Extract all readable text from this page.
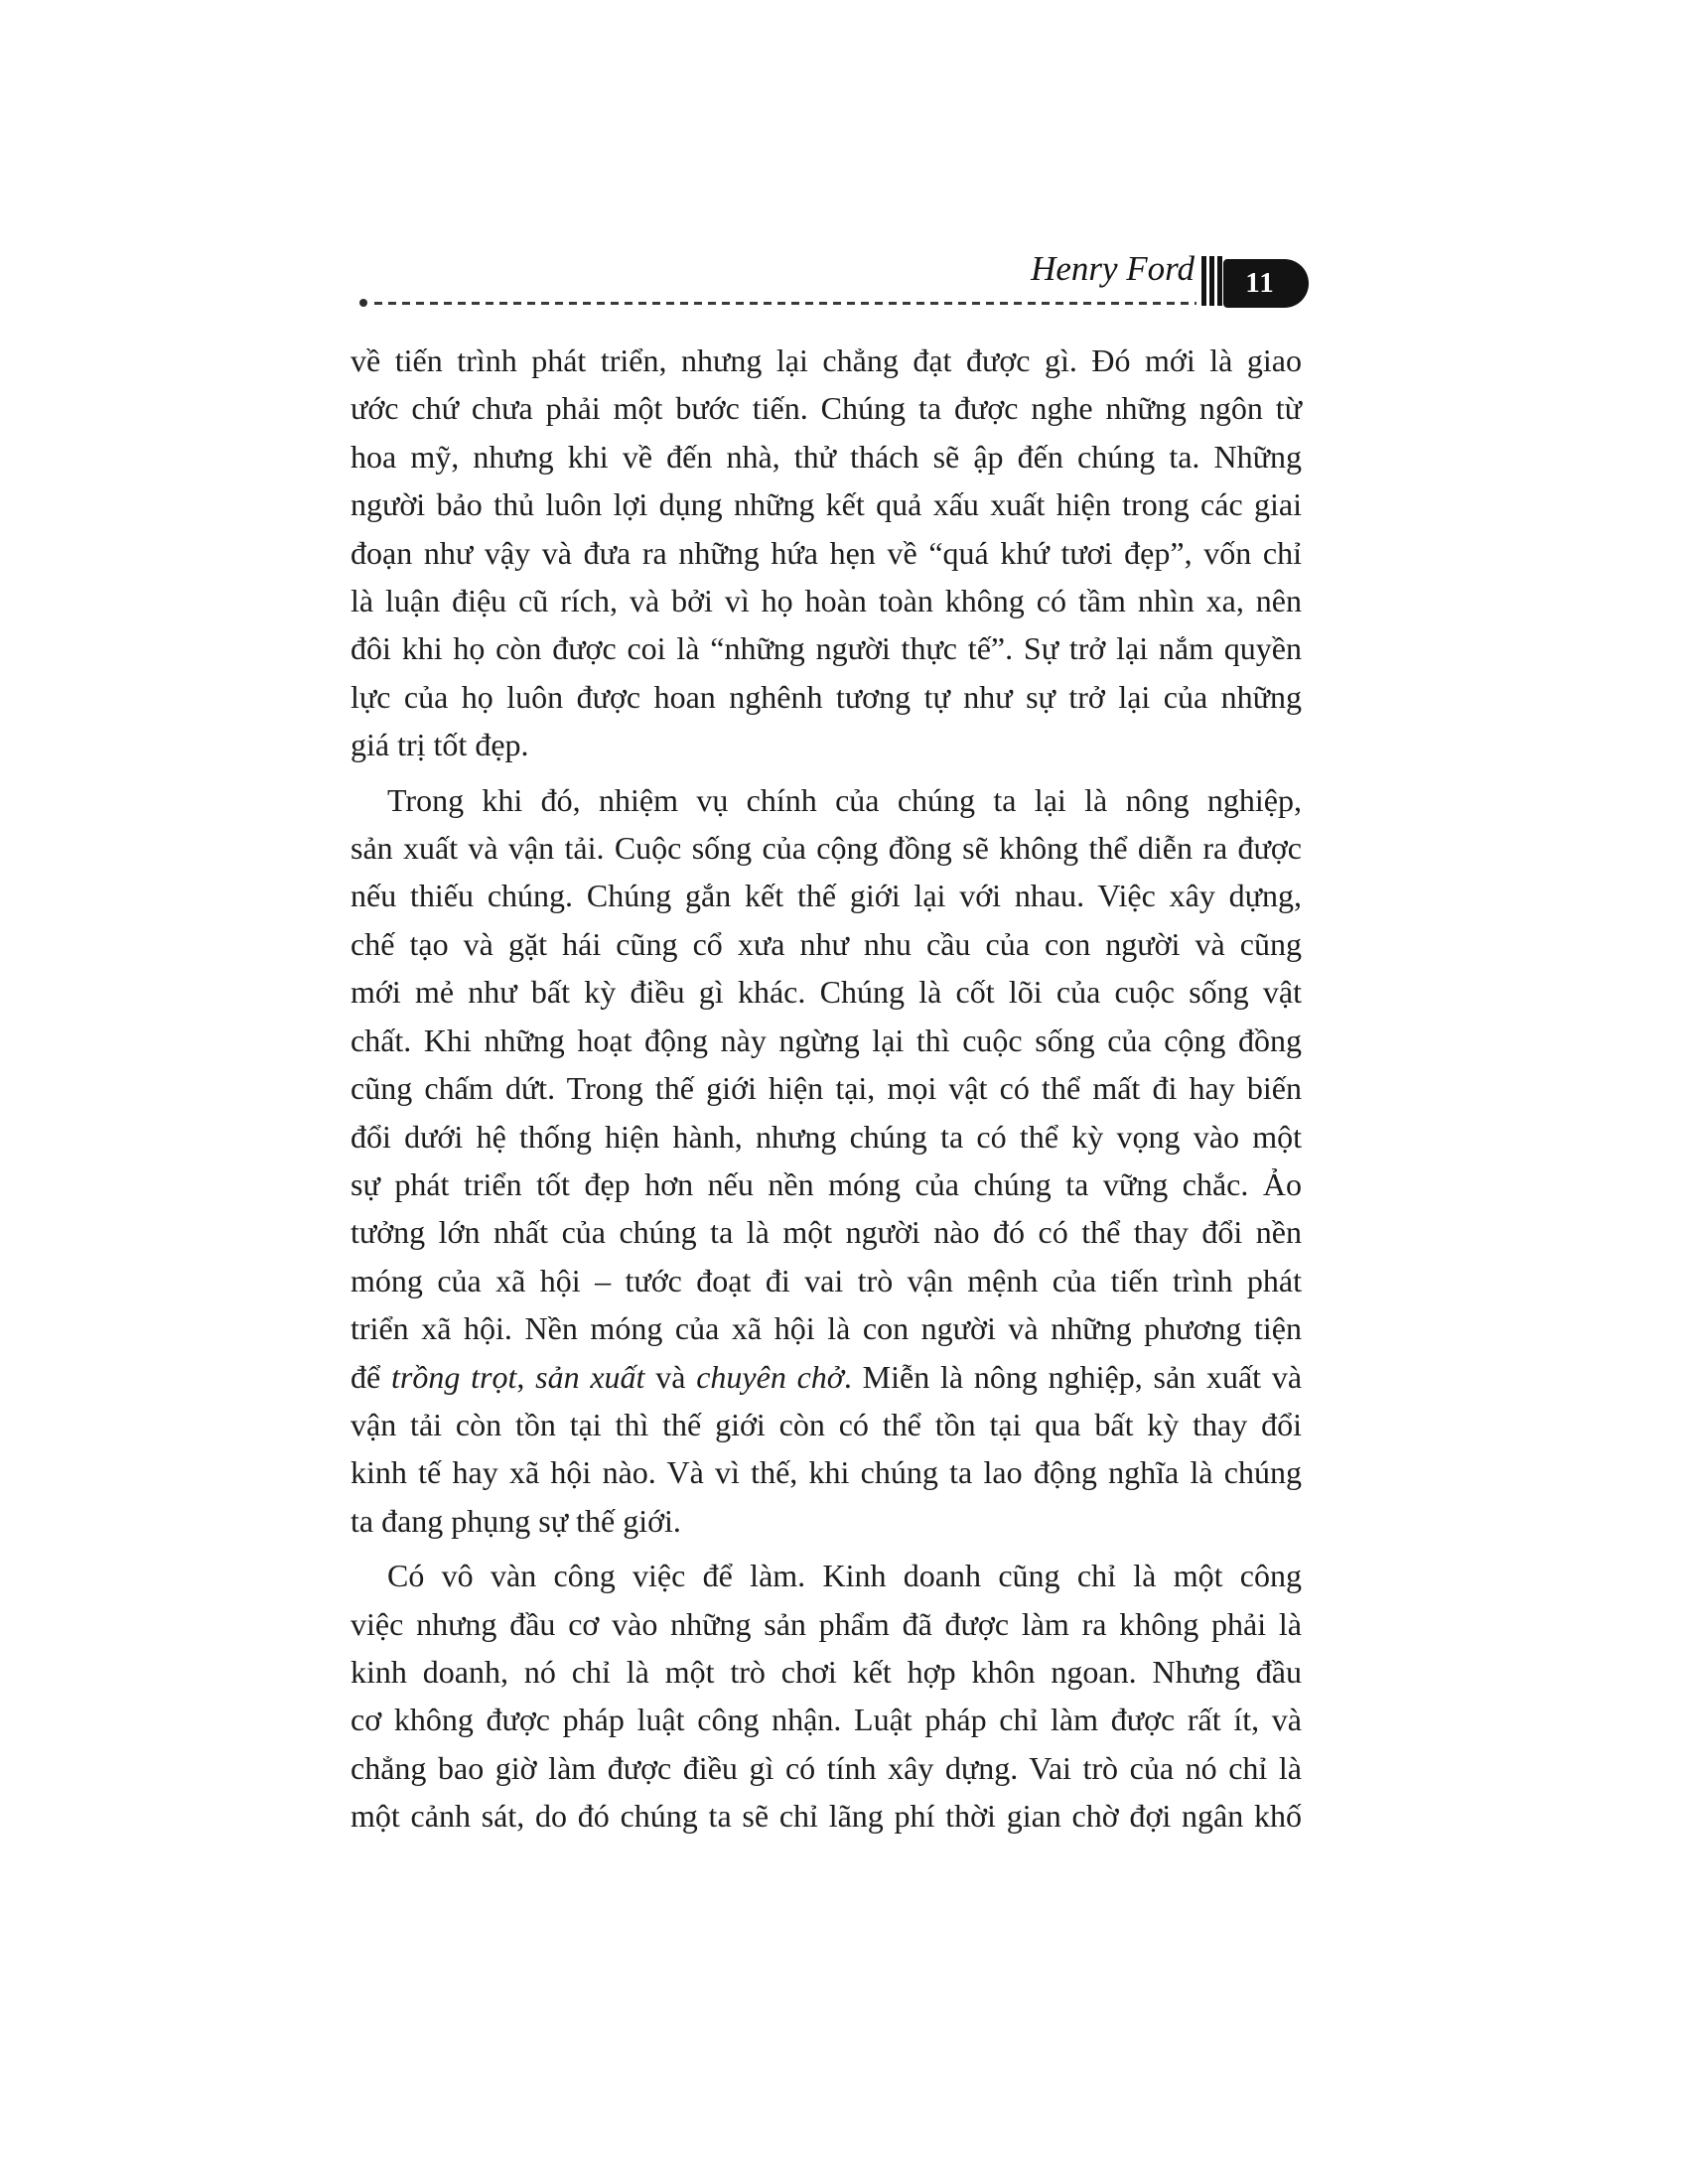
Henry Ford 11
về tiến trình phát triển, nhưng lại chẳng đạt được gì. Đó mới là giao
ước chứ chưa phải một bước tiến. Chúng ta được nghe những ngôn từ
hoa mỹ, nhưng khi về đến nhà, thử thách sẽ ập đến chúng ta. Những
người bảo thủ luôn lợi dụng những kết quả xấu xuất hiện trong các giai
đoạn như vậy và đưa ra những hứa hẹn về “quá khứ tươi đẹp”, vốn chỉ
là luận điệu cũ rích, và bởi vì họ hoàn toàn không có tầm nhìn xa, nên
đôi khi họ còn được coi là “những người thực tế”. Sự trở lại nắm quyền
lực của họ luôn được hoan nghênh tương tự như sự trở lại của những
giá trị tốt đẹp.
Trong khi đó, nhiệm vụ chính của chúng ta lại là nông nghiệp,
sản xuất và vận tải. Cuộc sống của cộng đồng sẽ không thể diễn ra được
nếu thiếu chúng. Chúng gắn kết thế giới lại với nhau. Việc xây dựng,
chế tạo và gặt hái cũng cổ xưa như nhu cầu của con người và cũng
mới mẻ như bất kỳ điều gì khác. Chúng là cốt lõi của cuộc sống vật
chất. Khi những hoạt động này ngừng lại thì cuộc sống của cộng đồng
cũng chấm dứt. Trong thế giới hiện tại, mọi vật có thể mất đi hay biến
đổi dưới hệ thống hiện hành, nhưng chúng ta có thể kỳ vọng vào một
sự phát triển tốt đẹp hơn nếu nền móng của chúng ta vững chắc. Ảo
tưởng lớn nhất của chúng ta là một người nào đó có thể thay đổi nền
móng của xã hội – tước đoạt đi vai trò vận mệnh của tiến trình phát
triển xã hội. Nền móng của xã hội là con người và những phương tiện
để trồng trọt, sản xuất và chuyên chở. Miễn là nông nghiệp, sản xuất và
vận tải còn tồn tại thì thế giới còn có thể tồn tại qua bất kỳ thay đổi
kinh tế hay xã hội nào. Và vì thế, khi chúng ta lao động nghĩa là chúng
ta đang phụng sự thế giới.
Có vô vàn công việc để làm. Kinh doanh cũng chỉ là một công
việc nhưng đầu cơ vào những sản phẩm đã được làm ra không phải là
kinh doanh, nó chỉ là một trò chơi kết hợp khôn ngoan. Nhưng đầu
cơ không được pháp luật công nhận. Luật pháp chỉ làm được rất ít, và
chẳng bao giờ làm được điều gì có tính xây dựng. Vai trò của nó chỉ là
một cảnh sát, do đó chúng ta sẽ chỉ lãng phí thời gian chờ đợi ngân khố
